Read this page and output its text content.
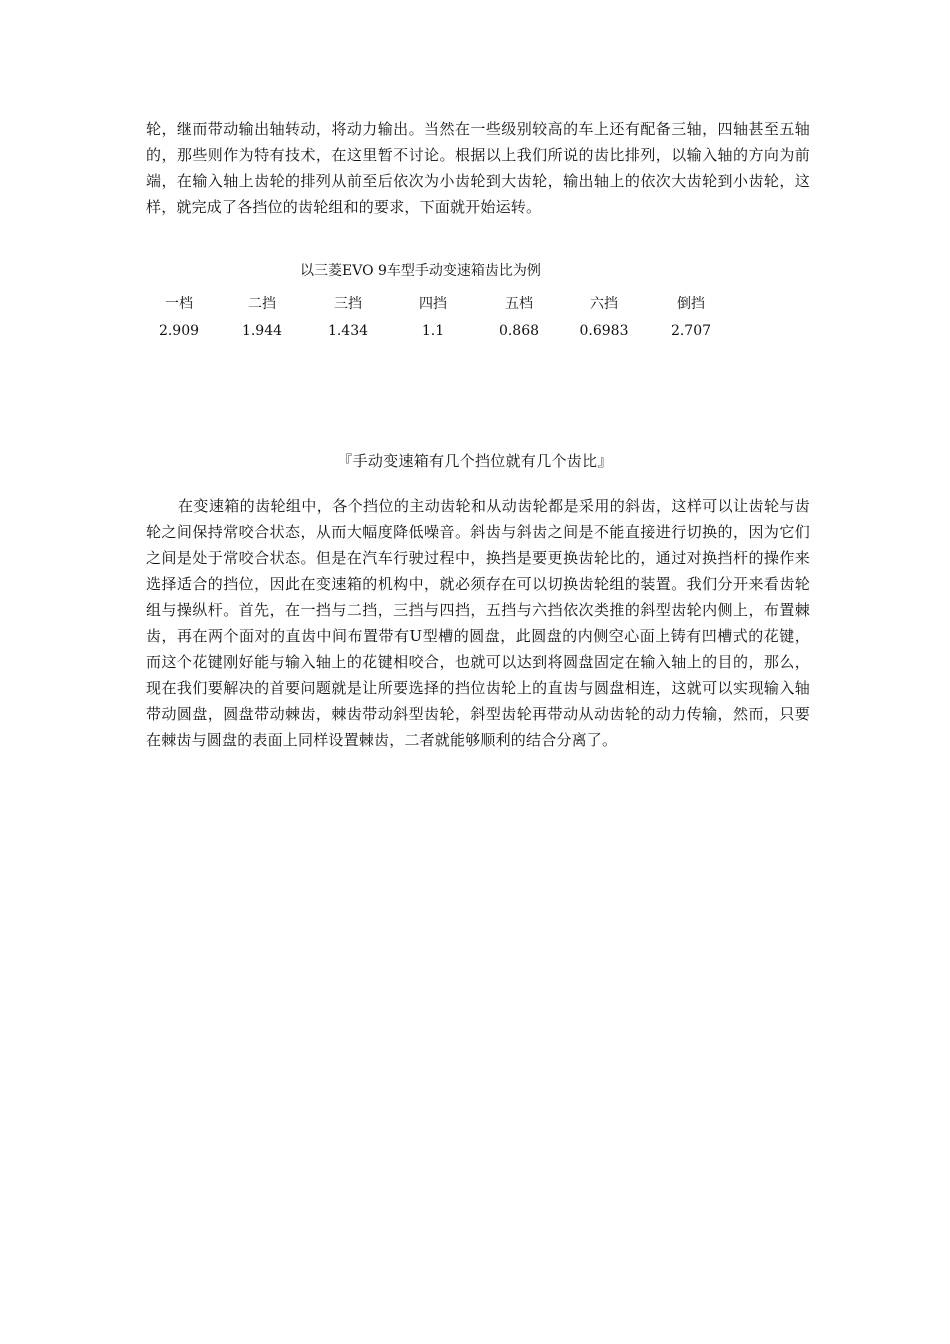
轮，继而带动输出轴转动，将动力输出。当然在一些级别较高的车上还有配备三轴，四轴甚至五轴的，那些则作为特有技术，在这里暂不讨论。根据以上我们所说的齿比排列，以输入轴的方向为前端，在输入轴上齿轮的排列从前至后依次为小齿轮到大齿轮，输出轴上的依次大齿轮到小齿轮，这样，就完成了各挡位的齿轮组和的要求，下面就开始运转。

以三菱EVO 9车型手动变速箱齿比为例
一档	二挡	三挡	四挡	五档	六挡	倒挡
2.909	1.944	1.434	1.1	0.868	0.6983	2.707
『手动变速箱有几个挡位就有几个齿比』

在变速箱的齿轮组中，各个挡位的主动齿轮和从动齿轮都是采用的斜齿，这样可以让齿轮与齿轮之间保持常咬合状态，从而大幅度降低噪音。斜齿与斜齿之间是不能直接进行切换的，因为它们之间是处于常咬合状态。但是在汽车行驶过程中，换挡是要更换齿轮比的，通过对换挡杆的操作来选择适合的挡位，因此在变速箱的机构中，就必须存在可以切换齿轮组的装置。我们分开来看齿轮组与操纵杆。首先，在一挡与二挡，三挡与四挡，五挡与六挡依次类推的斜型齿轮内侧上，布置棘齿，再在两个面对的直齿中间布置带有U型槽的圆盘，此圆盘的内侧空心面上铸有凹槽式的花键，而这个花键刚好能与输入轴上的花键相咬合，也就可以达到将圆盘固定在输入轴上的目的，那么，现在我们要解决的首要问题就是让所要选择的挡位齿轮上的直齿与圆盘相连，这就可以实现输入轴带动圆盘，圆盘带动棘齿，棘齿带动斜型齿轮，斜型齿轮再带动从动齿轮的动力传输，然而，只要在棘齿与圆盘的表面上同样设置棘齿，二者就能够顺利的结合分离了。
